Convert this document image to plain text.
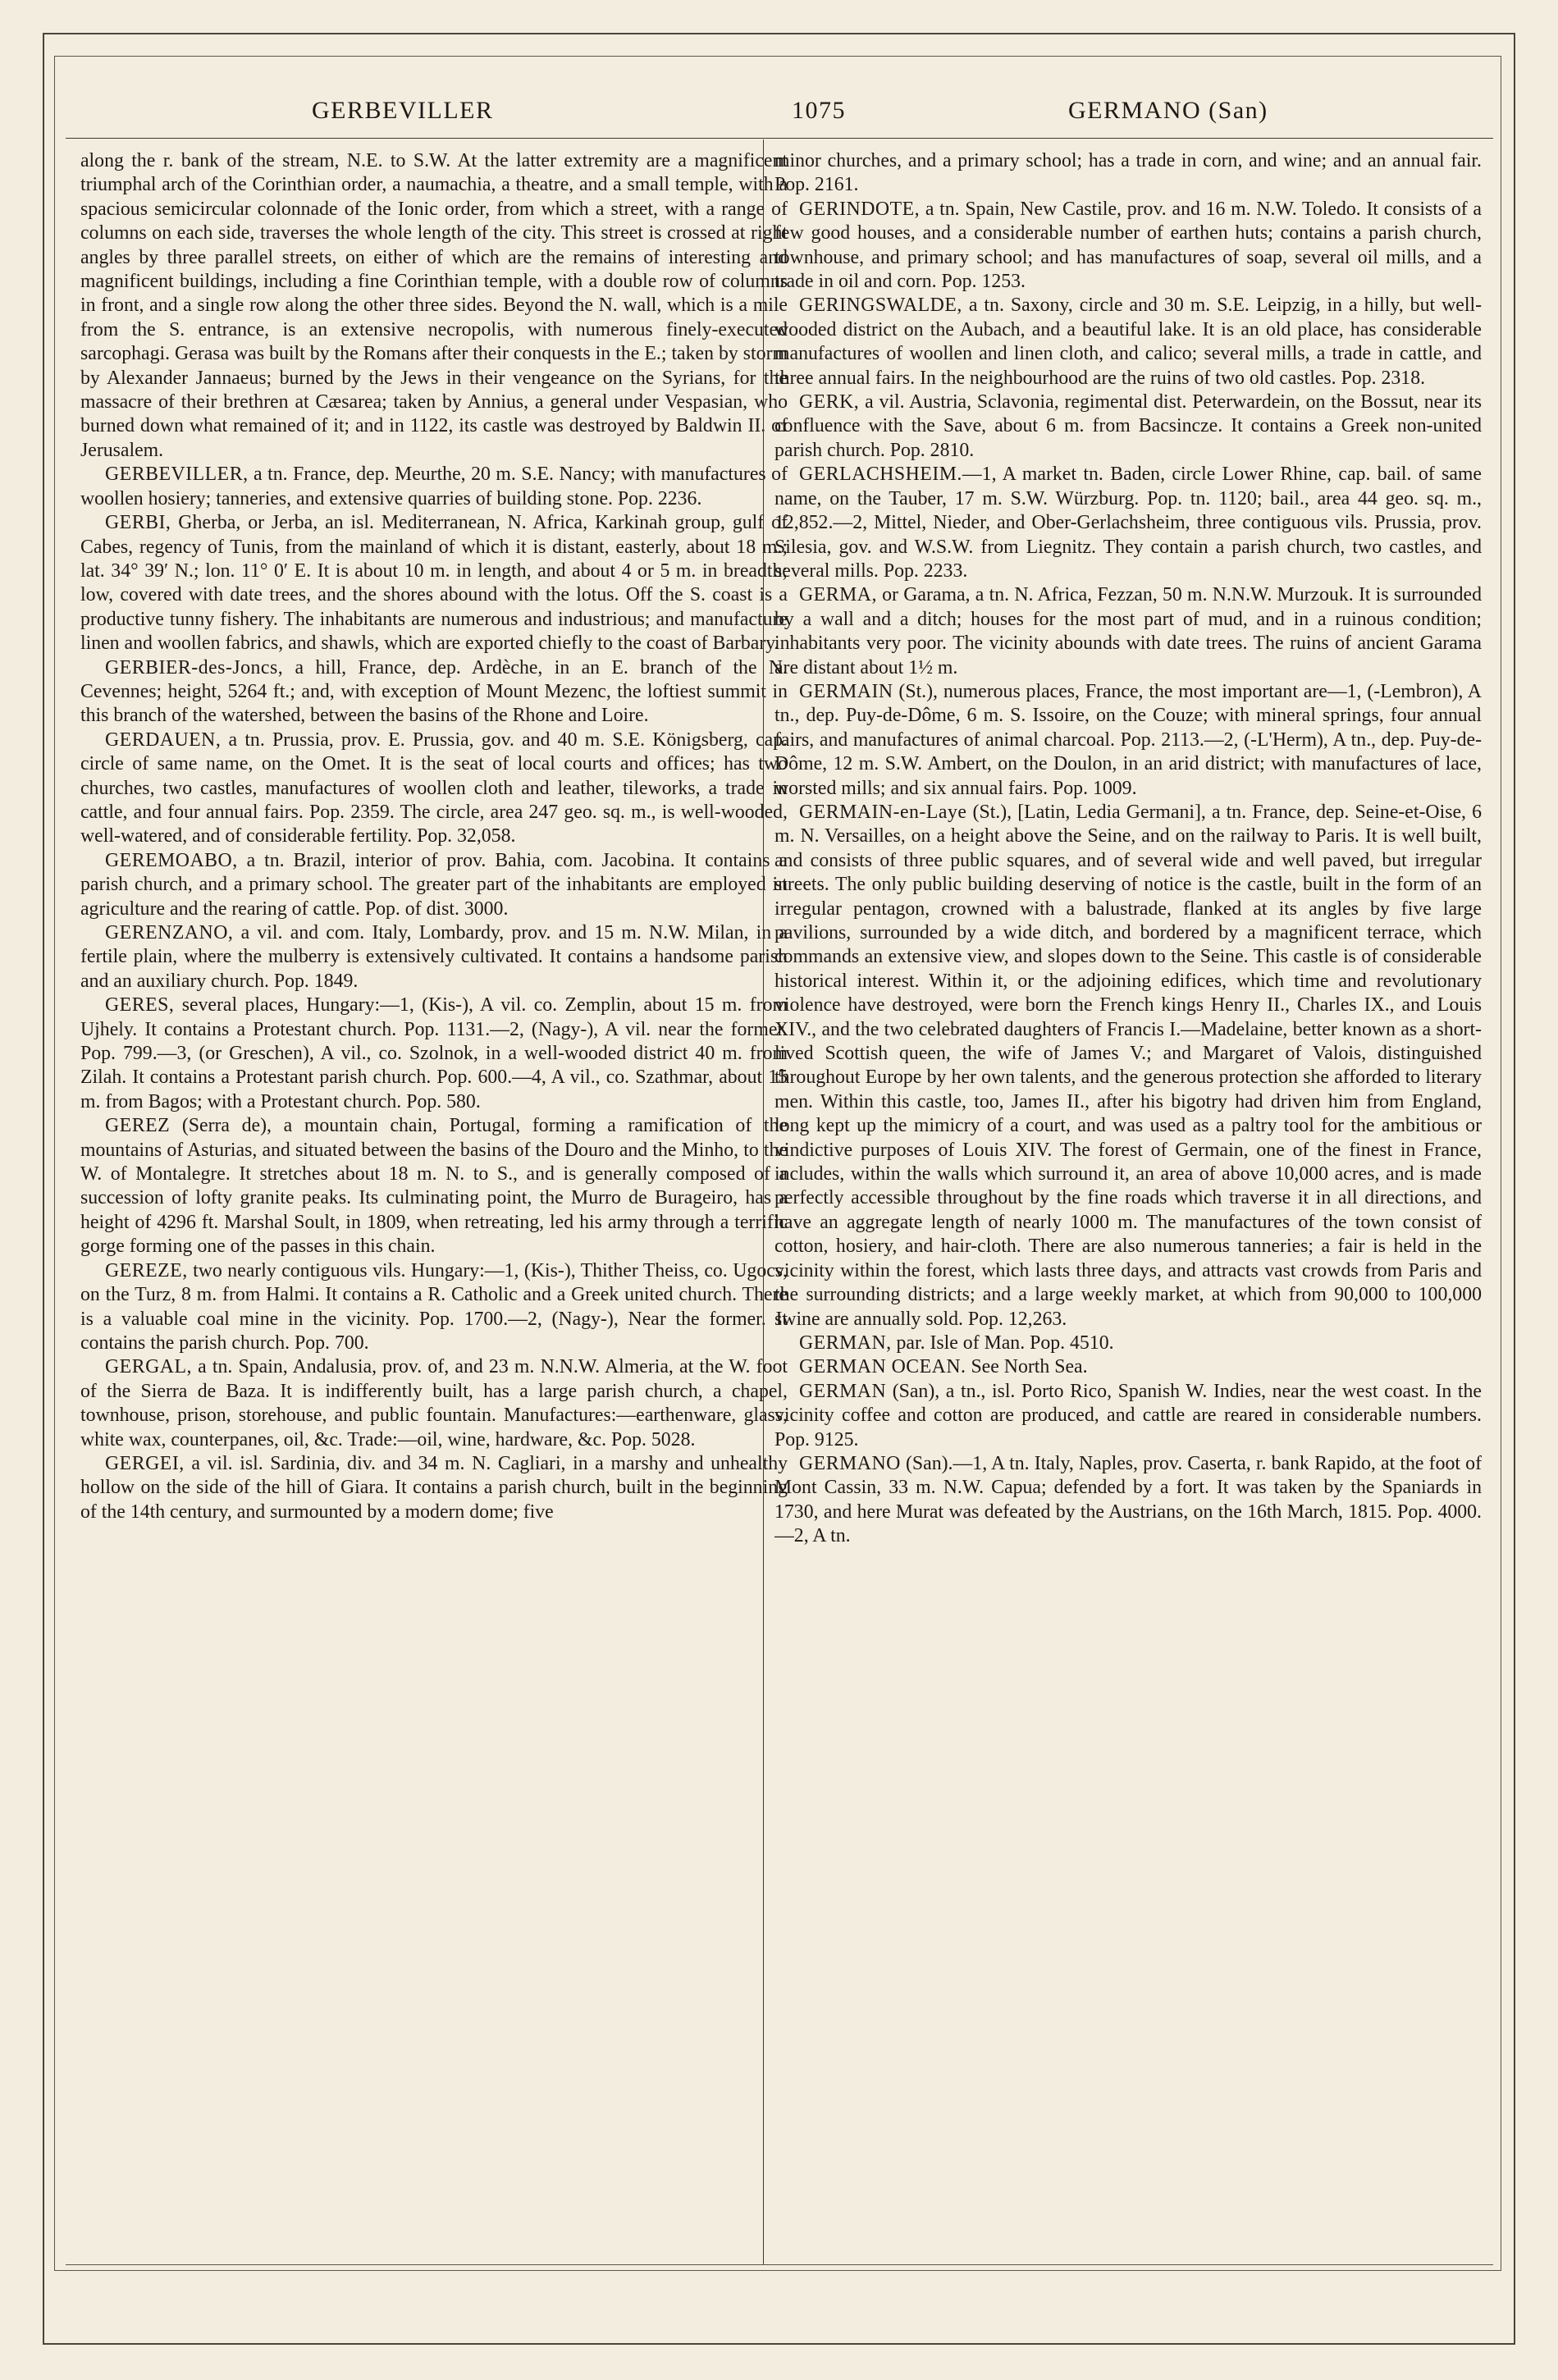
GERBEVILLER	1075	GERMANO (San)

along the r. bank of the stream, N.E. to S.W. At the latter extremity are a magnificent triumphal arch of the Corinthian order, a naumachia, a theatre, and a small temple, with a spacious semicircular colonnade of the Ionic order, from which a street, with a range of columns on each side, traverses the whole length of the city. This street is crossed at right angles by three parallel streets, on either of which are the remains of interesting and magnificent buildings, including a fine Corinthian temple, with a double row of columns in front, and a single row along the other three sides. Beyond the N. wall, which is a mile from the S. entrance, is an extensive necropolis, with numerous finely-executed sarcophagi. Gerasa was built by the Romans after their conquests in the E.; taken by storm by Alexander Jannaeus; burned by the Jews in their vengeance on the Syrians, for the massacre of their brethren at Cæsarea; taken by Annius, a general under Vespasian, who burned down what remained of it; and in 1122, its castle was destroyed by Baldwin II. of Jerusalem.

GERBEVILLER, a tn. France, dep. Meurthe, 20 m. S.E. Nancy; with manufactures of woollen hosiery; tanneries, and extensive quarries of building stone. Pop. 2236.

GERBI, Gherba, or Jerba, an isl. Mediterranean, N. Africa, Karkinah group, gulf of Cabes, regency of Tunis, from the mainland of which it is distant, easterly, about 18 m.; lat. 34° 39′ N.; lon. 11° 0′ E. It is about 10 m. in length, and about 4 or 5 m. in breadth; low, covered with date trees, and the shores abound with the lotus. Off the S. coast is a productive tunny fishery. The inhabitants are numerous and industrious; and manufacture linen and woollen fabrics, and shawls, which are exported chiefly to the coast of Barbary.

GERBIER-des-Joncs, a hill, France, dep. Ardèche, in an E. branch of the N. Cevennes; height, 5264 ft.; and, with exception of Mount Mezenc, the loftiest summit in this branch of the watershed, between the basins of the Rhone and Loire.

GERDAUEN, a tn. Prussia, prov. E. Prussia, gov. and 40 m. S.E. Königsberg, cap. circle of same name, on the Omet. It is the seat of local courts and offices; has two churches, two castles, manufactures of woollen cloth and leather, tileworks, a trade in cattle, and four annual fairs. Pop. 2359. The circle, area 247 geo. sq. m., is well-wooded, well-watered, and of considerable fertility. Pop. 32,058.

GEREMOABO, a tn. Brazil, interior of prov. Bahia, com. Jacobina. It contains a parish church, and a primary school. The greater part of the inhabitants are employed in agriculture and the rearing of cattle. Pop. of dist. 3000.

GERENZANO, a vil. and com. Italy, Lombardy, prov. and 15 m. N.W. Milan, in a fertile plain, where the mulberry is extensively cultivated. It contains a handsome parish and an auxiliary church. Pop. 1849.

GERES, several places, Hungary:—1, (Kis-), A vil. co. Zemplin, about 15 m. from Ujhely. It contains a Protestant church. Pop. 1131.—2, (Nagy-), A vil. near the former. Pop. 799.—3, (or Greschen), A vil., co. Szolnok, in a well-wooded district 40 m. from Zilah. It contains a Protestant parish church. Pop. 600.—4, A vil., co. Szathmar, about 15 m. from Bagos; with a Protestant church. Pop. 580.

GEREZ (Serra de), a mountain chain, Portugal, forming a ramification of the mountains of Asturias, and situated between the basins of the Douro and the Minho, to the W. of Montalegre. It stretches about 18 m. N. to S., and is generally composed of a succession of lofty granite peaks. Its culminating point, the Murro de Burageiro, has a height of 4296 ft. Marshal Soult, in 1809, when retreating, led his army through a terrific gorge forming one of the passes in this chain.

GEREZE, two nearly contiguous vils. Hungary:—1, (Kis-), Thither Theiss, co. Ugocs, on the Turz, 8 m. from Halmi. It contains a R. Catholic and a Greek united church. There is a valuable coal mine in the vicinity. Pop. 1700.—2, (Nagy-), Near the former. It contains the parish church. Pop. 700.

GERGAL, a tn. Spain, Andalusia, prov. of, and 23 m. N.N.W. Almeria, at the W. foot of the Sierra de Baza. It is indifferently built, has a large parish church, a chapel, townhouse, prison, storehouse, and public fountain. Manufactures:—earthenware, glass, white wax, counterpanes, oil, &c. Trade:—oil, wine, hardware, &c. Pop. 5028.

GERGEI, a vil. isl. Sardinia, div. and 34 m. N. Cagliari, in a marshy and unhealthy hollow on the side of the hill of Giara. It contains a parish church, built in the beginning of the 14th century, and surmounted by a modern dome; five

minor churches, and a primary school; has a trade in corn, and wine; and an annual fair. Pop. 2161.

GERINDOTE, a tn. Spain, New Castile, prov. and 16 m. N.W. Toledo. It consists of a few good houses, and a considerable number of earthen huts; contains a parish church, townhouse, and primary school; and has manufactures of soap, several oil mills, and a trade in oil and corn. Pop. 1253.

GERINGSWALDE, a tn. Saxony, circle and 30 m. S.E. Leipzig, in a hilly, but well-wooded district on the Aubach, and a beautiful lake. It is an old place, has considerable manufactures of woollen and linen cloth, and calico; several mills, a trade in cattle, and three annual fairs. In the neighbourhood are the ruins of two old castles. Pop. 2318.

GERK, a vil. Austria, Sclavonia, regimental dist. Peterwardein, on the Bossut, near its confluence with the Save, about 6 m. from Bacsincze. It contains a Greek non-united parish church. Pop. 2810.

GERLACHSHEIM.—1, A market tn. Baden, circle Lower Rhine, cap. bail. of same name, on the Tauber, 17 m. S.W. Würzburg. Pop. tn. 1120; bail., area 44 geo. sq. m., 12,852.—2, Mittel, Nieder, and Ober-Gerlachsheim, three contiguous vils. Prussia, prov. Silesia, gov. and W.S.W. from Liegnitz. They contain a parish church, two castles, and several mills. Pop. 2233.

GERMA, or Garama, a tn. N. Africa, Fezzan, 50 m. N.N.W. Murzouk. It is surrounded by a wall and a ditch; houses for the most part of mud, and in a ruinous condition; inhabitants very poor. The vicinity abounds with date trees. The ruins of ancient Garama are distant about 1½ m.

GERMAIN (St.), numerous places, France, the most important are—1, (-Lembron), A tn., dep. Puy-de-Dôme, 6 m. S. Issoire, on the Couze; with mineral springs, four annual fairs, and manufactures of animal charcoal. Pop. 2113.—2, (-L'Herm), A tn., dep. Puy-de-Dôme, 12 m. S.W. Ambert, on the Doulon, in an arid district; with manufactures of lace, worsted mills; and six annual fairs. Pop. 1009.

GERMAIN-en-Laye (St.), [Latin, Ledia Germani], a tn. France, dep. Seine-et-Oise, 6 m. N. Versailles, on a height above the Seine, and on the railway to Paris. It is well built, and consists of three public squares, and of several wide and well paved, but irregular streets. The only public building deserving of notice is the castle, built in the form of an irregular pentagon, crowned with a balustrade, flanked at its angles by five large pavilions, surrounded by a wide ditch, and bordered by a magnificent terrace, which commands an extensive view, and slopes down to the Seine. This castle is of considerable historical interest. Within it, or the adjoining edifices, which time and revolutionary violence have destroyed, were born the French kings Henry II., Charles IX., and Louis XIV., and the two celebrated daughters of Francis I.—Madelaine, better known as a short-lived Scottish queen, the wife of James V.; and Margaret of Valois, distinguished throughout Europe by her own talents, and the generous protection she afforded to literary men. Within this castle, too, James II., after his bigotry had driven him from England, long kept up the mimicry of a court, and was used as a paltry tool for the ambitious or vindictive purposes of Louis XIV. The forest of Germain, one of the finest in France, includes, within the walls which surround it, an area of above 10,000 acres, and is made perfectly accessible throughout by the fine roads which traverse it in all directions, and have an aggregate length of nearly 1000 m. The manufactures of the town consist of cotton, hosiery, and hair-cloth. There are also numerous tanneries; a fair is held in the vicinity within the forest, which lasts three days, and attracts vast crowds from Paris and the surrounding districts; and a large weekly market, at which from 90,000 to 100,000 swine are annually sold. Pop. 12,263.

GERMAN, par. Isle of Man. Pop. 4510.

GERMAN OCEAN. See North Sea.

GERMAN (San), a tn., isl. Porto Rico, Spanish W. Indies, near the west coast. In the vicinity coffee and cotton are produced, and cattle are reared in considerable numbers. Pop. 9125.

GERMANO (San).—1, A tn. Italy, Naples, prov. Caserta, r. bank Rapido, at the foot of Mont Cassin, 33 m. N.W. Capua; defended by a fort. It was taken by the Spaniards in 1730, and here Murat was defeated by the Austrians, on the 16th March, 1815. Pop. 4000.—2, A tn.
